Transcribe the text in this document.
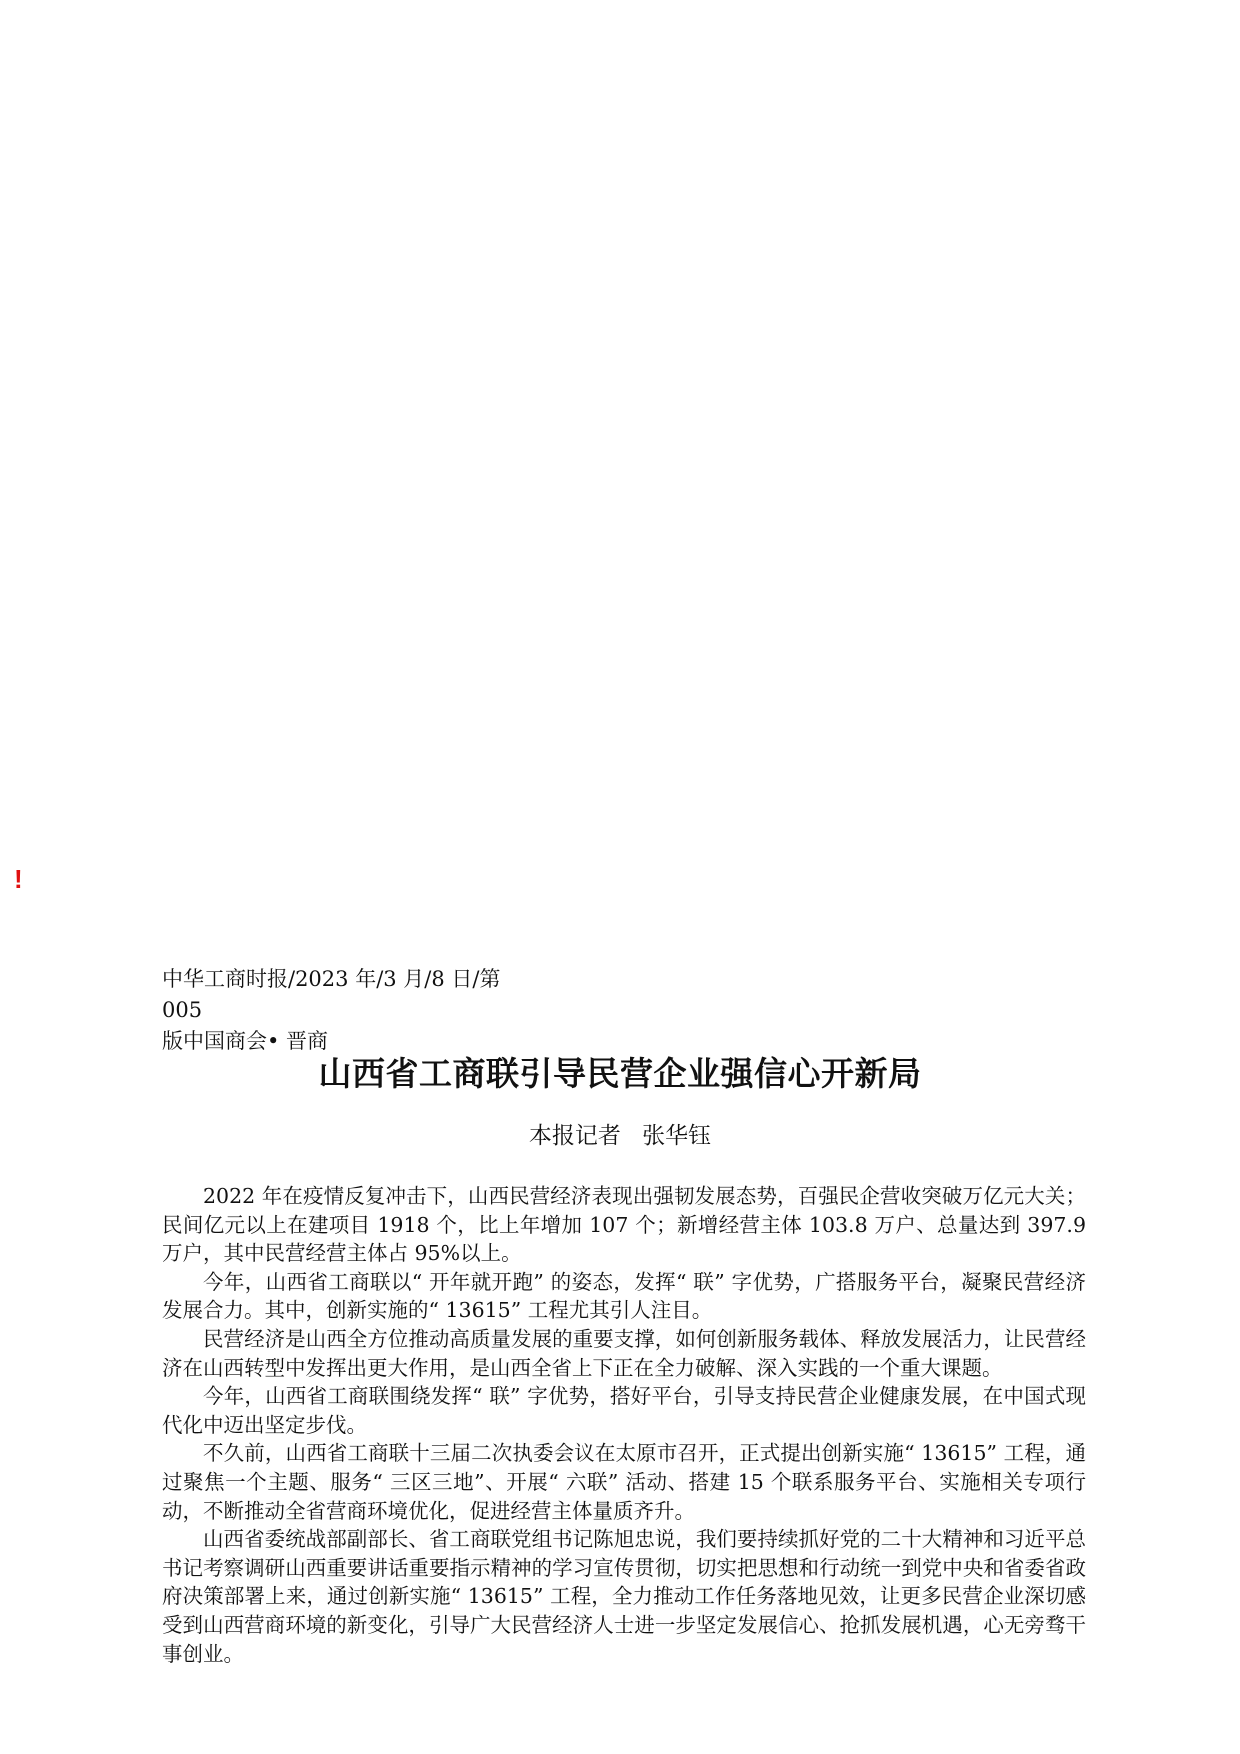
!
中华工商时报/2023 年/3 月/8 日/第 005
版中国商会• 晋商
山西省工商联引导民营企业强信心开新局
本报记者 张华钰

2022 年在疫情反复冲击下，山西民营经济表现出强韧发展态势，百强民企营收突破万亿元大关；民间亿元以上在建项目 1918 个，比上年增加 107 个；新增经营主体 103.8 万户、总量达到 397.9 万户，其中民营经营主体占 95%以上。

今年，山西省工商联以“ 开年就开跑” 的姿态，发挥“ 联” 字优势，广搭服务平台，凝聚民营经济发展合力。其中，创新实施的“ 13615” 工程尤其引人注目。

民营经济是山西全方位推动高质量发展的重要支撑，如何创新服务载体、释放发展活力，让民营经济在山西转型中发挥出更大作用，是山西全省上下正在全力破解、深入实践的一个重大课题。

今年，山西省工商联围绕发挥“ 联” 字优势，搭好平台，引导支持民营企业健康发展，在中国式现代化中迈出坚定步伐。

不久前，山西省工商联十三届二次执委会议在太原市召开，正式提出创新实施“ 13615” 工程，通过聚焦一个主题、服务“ 三区三地”、开展“ 六联” 活动、搭建 15 个联系服务平台、实施相关专项行动，不断推动全省营商环境优化，促进经营主体量质齐升。

山西省委统战部副部长、省工商联党组书记陈旭忠说，我们要持续抓好党的二十大精神和习近平总书记考察调研山西重要讲话重要指示精神的学习宣传贯彻，切实把思想和行动统一到党中央和省委省政府决策部署上来，通过创新实施“ 13615” 工程，全力推动工作任务落地见效，让更多民营企业深切感受到山西营商环境的新变化，引导广大民营经济人士进一步坚定发展信心、抢抓发展机遇，心无旁骛干事创业。
